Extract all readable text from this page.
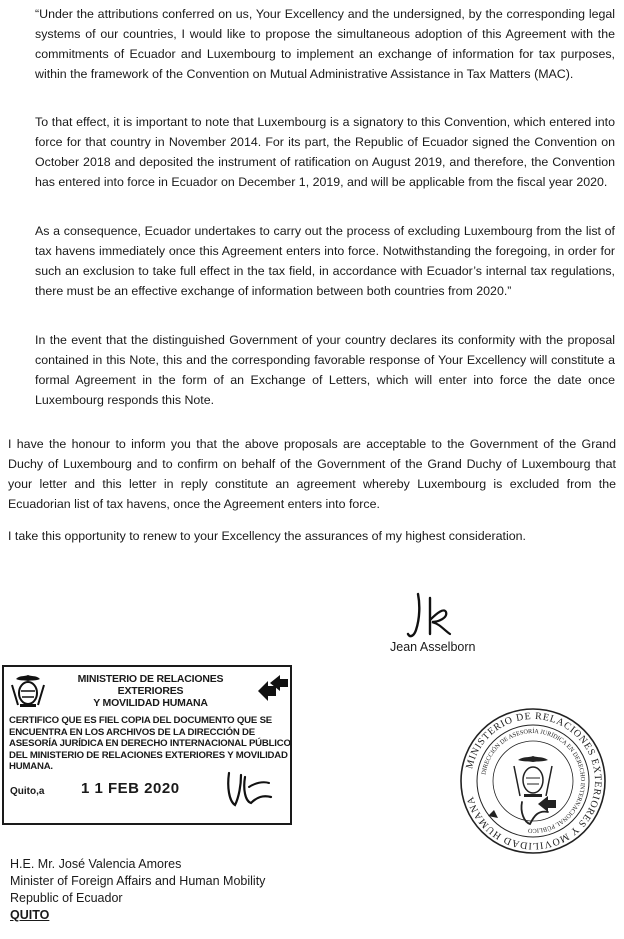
“Under the attributions conferred on us, Your Excellency and the undersigned, by the corresponding legal systems of our countries, I would like to propose the simultaneous adoption of this Agreement with the commitments of Ecuador and Luxembourg to implement an exchange of information for tax purposes, within the framework of the Convention on Mutual Administrative Assistance in Tax Matters (MAC).

To that effect, it is important to note that Luxembourg is a signatory to this Convention, which entered into force for that country in November 2014. For its part, the Republic of Ecuador signed the Convention on October 2018 and deposited the instrument of ratification on August 2019, and therefore, the Convention has entered into force in Ecuador on December 1, 2019, and will be applicable from the fiscal year 2020.

As a consequence, Ecuador undertakes to carry out the process of excluding Luxembourg from the list of tax havens immediately once this Agreement enters into force. Notwithstanding the foregoing, in order for such an exclusion to take full effect in the tax field, in accordance with Ecuador’s internal tax regulations, there must be an effective exchange of information between both countries from 2020.”

In the event that the distinguished Government of your country declares its conformity with the proposal contained in this Note, this and the corresponding favorable response of Your Excellency will constitute a formal Agreement in the form of an Exchange of Letters, which will enter into force the date once Luxembourg responds this Note.

I have the honour to inform you that the above proposals are acceptable to the Government of the Grand Duchy of Luxembourg and to confirm on behalf of the Government of the Grand Duchy of Luxembourg that your letter and this letter in reply constitute an agreement whereby Luxembourg is excluded from the Ecuadorian list of tax havens, once the Agreement enters into force.

I take this opportunity to renew to your Excellency the assurances of my highest consideration.

Jean Asselborn
MINISTERIO DE RELACIONES EXTERIORES
Y MOVILIDAD HUMANA
CERTIFICO QUE ES FIEL COPIA DEL DOCUMENTO QUE SE ENCUENTRA EN LOS ARCHIVOS DE LA DIRECCIÓN DE ASESORÍA JURÍDICA EN DERECHO INTERNACIONAL PÚBLICO DEL MINISTERIO DE RELACIONES EXTERIORES Y MOVILIDAD HUMANA.
Quito,a 1 1 FEB 2020
MINISTERIO DE RELACIONES EXTERIORES Y MOVILIDAD HUMANA
DIRECCIÓN DE ASESORÍA JURÍDICA EN DERECHO INTERNACIONAL PÚBLICO
H.E. Mr. José Valencia Amores
Minister of Foreign Affairs and Human Mobility
Republic of Ecuador
QUITO
